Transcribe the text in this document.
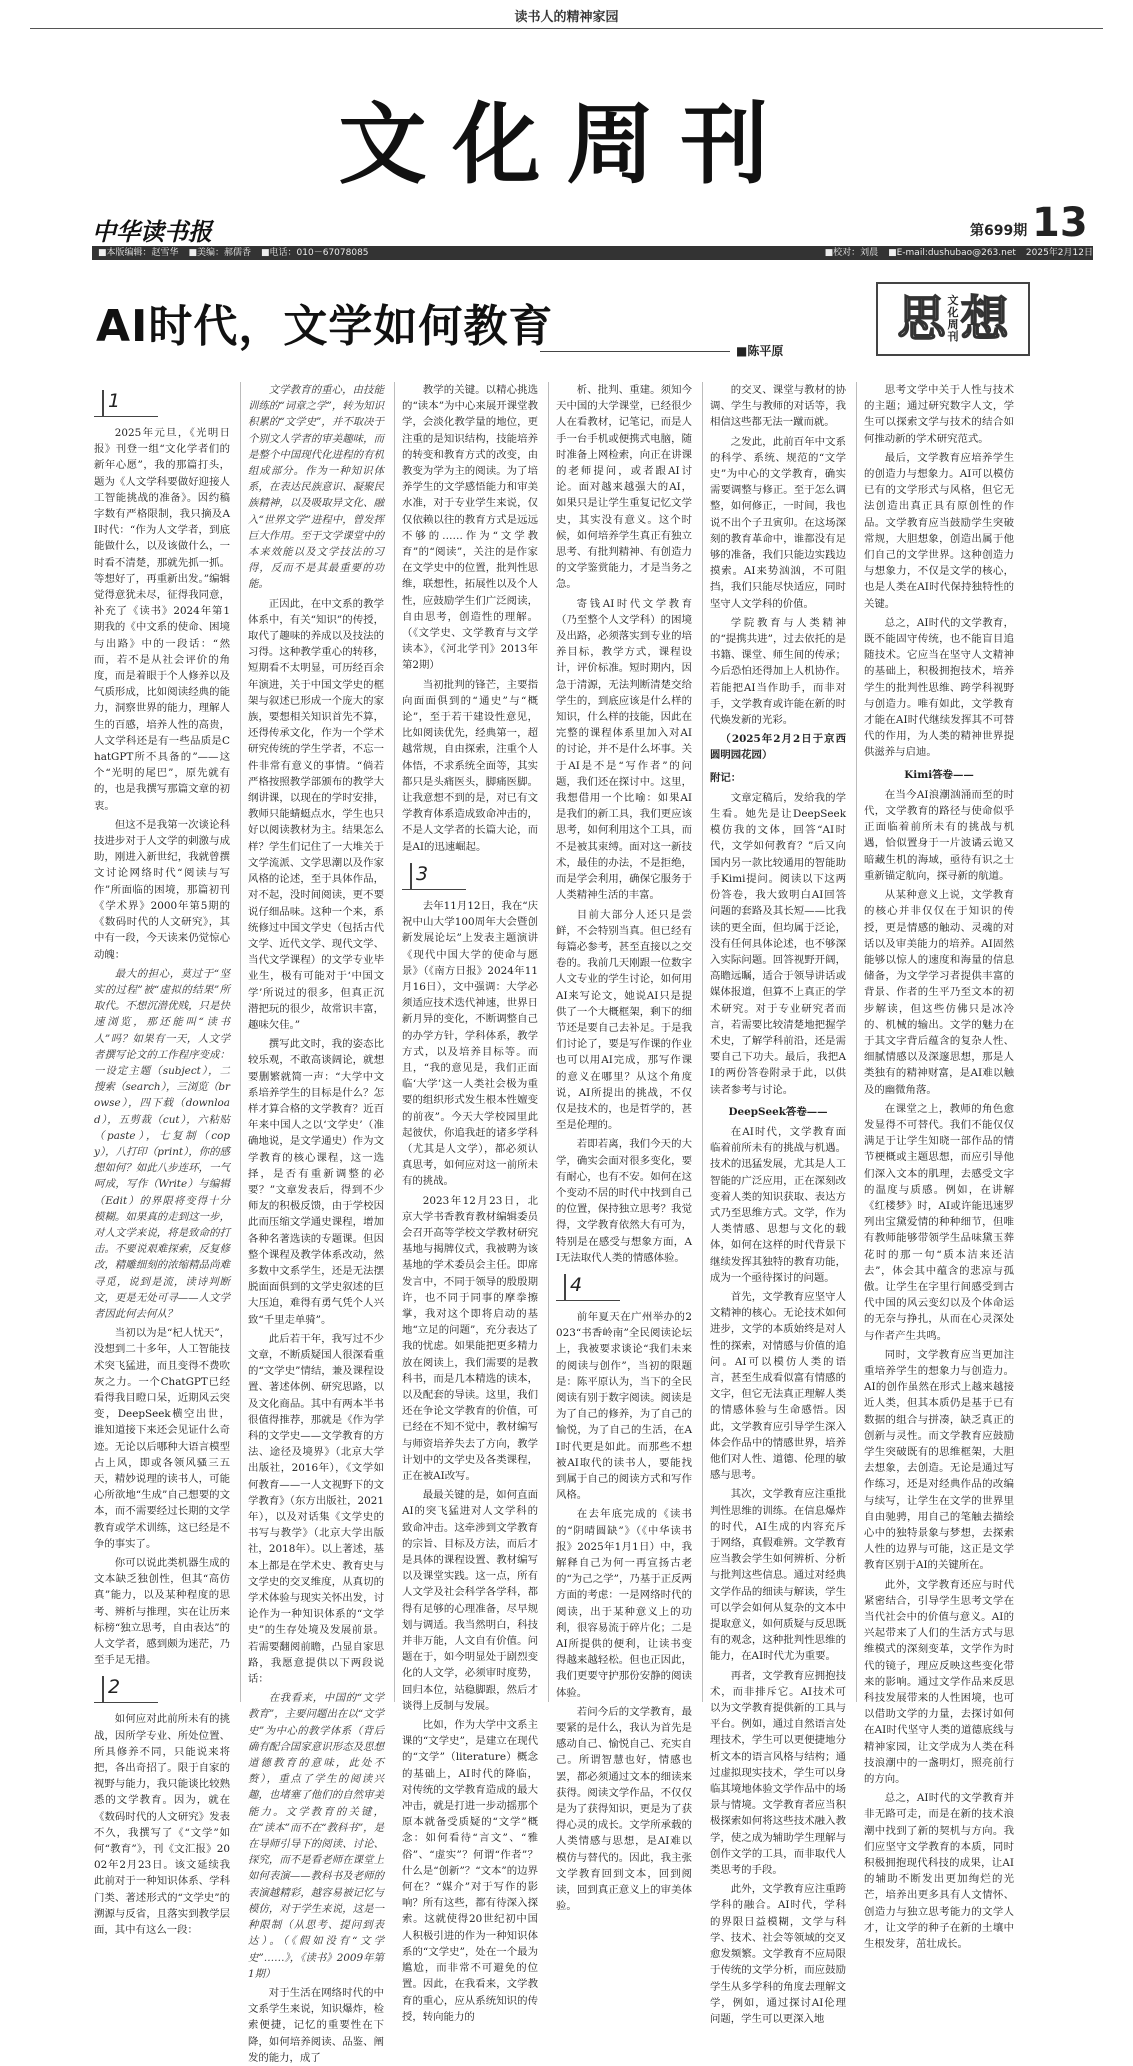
读书人的精神家园
文化周刊
中华读书报	第699期 13
■本版编辑：赵雪华 ■美编：郝儒香 ■电话：010－67078085	■校对：刘晨 ■E-mail:dushubao@263.net 2025年2月12日
AI时代，文学如何教育	■陈平原
思 文
化
周
刊 想
1

2025年元旦，《光明日报》刊登一组“文化学者们的新年心愿”，我的那篇打头，题为《人文学科要做好迎接人工智能挑战的准备》。因约稿字数有严格限制，我只摘及AI时代：“作为人文学者，到底能做什么，以及该做什么，一时看不清楚，那就先抓一抓。等想好了，再重新出发。”编辑觉得意犹未尽，征得我同意，补充了《读书》2024年第1期我的《中文系的使命、困境与出路》中的一段话：“然而，若不是从社会评价的角度，而是着眼于个人修养以及气质形成，比如阅读经典的能力，洞察世界的能力，理解人生的百感，培养人性的高贵，人文学科还是有一些品质是ChatGPT所不具备的”——这个“光明的尾巴”，原先就有的，也是我撰写那篇文章的初衷。

但这不是我第一次谈论科技进步对于人文学的刺激与成助，刚进入新世纪，我就曾撰文讨论网络时代“阅读与写作”所面临的困境，那篇初刊《学术界》2000年第5期的《数码时代的人文研究》，其中有一段，今天读来仍觉惊心动魄：

最大的担心，莫过于“坚实的过程”被“虚拟的结果”所取代。不想沉潜优贱，只是快速浏览，那还能叫“读书人”吗？如果有一天，人文学者撰写论文的工作程序变成：一设定主题（subject），二搜索（search），三浏览（browse），四下载（download），五剪裁（cut），六粘贴（paste），七复制（copy），八打印（print），你的感想如何？如此八步连环，一气呵成，写作（Write）与编辑（Edit）的界限将变得十分模糊。如果真的走到这一步，对人文学来说，将是致命的打击。不要说艰难探索，反复修改，精雕细刻的浓缩精品尚难寻觅，说到是流，读诗判断文，更是无处可寻——人文学者因此何去何从？

当初以为是“杞人忧天”，没想到二十多年，人工智能技术突飞猛进，而且变得不费吹灰之力。一个ChatGPT已经看得我目瞪口呆，近期风云突变，DeepSeek横空出世，谁知道接下来还会见证什么奇迹。无论以后哪种大语言模型占上风，即或各领风骚三五天，精妙说理的读书人，可能心所欲地“生成”自己想要的文本，而不需要经过长期的文学教育或学术训练，这已经是不争的事实了。

你可以说此类机器生成的文本缺乏独创性，但其“高仿真”能力，以及某种程度的思考、辨析与推理，实在让历来标榜“独立思考，自由表达”的人文学者，感到颇为迷茫，乃至手足无措。

2

如何应对此前所未有的挑战，因所学专业、所处位置、所具修养不同，只能说来将把，各出奇招了。限于自家的视野与能力，我只能谈比较熟悉的文学教育。因为，就在《数码时代的人文研究》发表不久，我撰写了《“文学”如何“教育”》，刊《文汇报》2002年2月23日。该文延续我此前对于一种知识体系、学科门类、著述形式的“文学史”的溯源与反省，且落实到教学层面，其中有这么一段：

文学教育的重心，由技能训练的“词章之学”，转为知识积累的“文学史”，并不取决于个别文人学者的审美趣味，而是整个中国现代化进程的有机组成部分。作为一种知识体系，在表达民族意识、凝聚民族精神，以及吸取异文化、融入“世界文学”进程中，曾发挥巨大作用。至于文学课堂中的本来效能以及文学技法的习得，反而不是其最重要的功能。

正因此，在中文系的教学体系中，有关“知识”的传授，取代了趣味的养成以及技法的习得。这种教学重心的转移，短期看不太明显，可历经百余年演进，关于中国文学史的框架与叙述已形成一个庞大的家族，要想相关知识首先不算，还得传承文化，作为一个学术研究传统的学生学者，不忘一件非常有意义的事情。“倘若严格按照教学部颁布的教学大纲讲课，以现在的学时安排，教师只能蜻蜓点水，学生也只好以阅读教材为主。结果怎么样？学生们记住了一大堆关于文学流派、文学思潮以及作家风格的论述，至于具体作品，对不起，没时间阅读，更不要说仔细品味。这种一个来，系统修过中国文学史（包括古代文学、近代文学、现代文学、当代文学课程）的文学专业毕业生，极有可能对于‘中国文学’所说过的很多，但真正沉潜把玩的很少，故常识丰富，趣味欠佳。”

撰写此文时，我的姿态比较乐观，不敢高谈阔论，就想要删繁就简一声：“大学中文系培养学生的目标是什么？怎样才算合格的文学教育？近百年来中国人之以‘文学史’（准确地说，是文学通史）作为文学教育的核心课程，这一选择，是否有重新调整的必要？”文章发表后，得到不少师友的积极反馈，由于学校因此而压缩文学通史课程，增加各种名著选读的专题课。但因整个课程及教学体系改动，然多数中文系学生，还是无法摆脱面面俱到的文学史叙述的巨大压迫，难得有勇气凭个人兴致“千里走单骑”。

此后若干年，我写过不少文章，不断质疑国人很深看重的“文学史”情结，兼及课程设置、著述体例、研究思路，以及文化商品。其中有两本半书很值得推荐，那就是《作为学科的文学史——文学教育的方法、途径及境界》（北京大学出版社，2016年），《文学如何教育——一人文视野下的文学教育》（东方出版社，2021年），以及对话集《文学史的书写与教学》（北京大学出版社，2018年）。以上著述，基本上都是在学术史、教育史与文学史的交叉维度，从真切的学术体验与现实关怀出发，讨论作为一种知识体系的“文学史”的生存处境及发展前景。若需要翻阅前瞻，凸显自家思路，我愿意提供以下两段说话：

在我看来，中国的“文学教育”，主要问题出在以“文学史”为中心的教学体系（背后确有配合国家意识形态及思想道德教育的意味，此处不赘），重点了学生的阅读兴趣，也堵塞了他们的自然审美能力。文学教育的关键，在“读本”而不在“教科书”，是在导师引导下的阅读、讨论、探究，而不是看老师在课堂上如何表演——教科书及老师的表演越精彩，越容易被记忆与模仿，对于学生来说，这是一种限制（从思考、提问到表达）。（《假如没有“文学史”……》，《读书》2009年第1期）

对于生活在网络时代的中文系学生来说，知识爆炸，检索便捷，记忆的重要性在下降，如何培养阅读、品鉴、阐发的能力，成了

教学的关键。以精心挑选的“读本”为中心来展开课堂教学，会淡化教学量的地位，更注重的是知识结构，技能培养的转变和教育方式的改变，由教变为学为主的阅读。为了培养学生的文学感悟能力和审美水准，对于专业学生来说，仅仅依赖以往的教育方式是远远不够的……作为“文学教育”的“阅读”，关注的是作家在文学史中的位置，批判性思维，联想性，拓展性以及个人性，应鼓励学生们广泛阅读，自由思考，创造性的理解。（《文学史、文学教育与文学读本》，《河北学刊》2013年第2期）

当初批判的锋芒，主要指向面面俱到的“通史”与“概论”，至于若干建设性意见，比如阅读优先，经典第一，超越常规，自由探索，注重个人体悟，不求系统全面等，其实都只是头痛医头，脚痛医脚。让我意想不到的是，对已有文学教育体系造成致命冲击的，不是人文学者的长篇大论，而是AI的迅速崛起。

3

去年11月12日，我在“庆祝中山大学100周年大会暨创新发展论坛”上发表主题演讲《现代中国大学的使命与愿景》（《南方日报》2024年11月16日），文中强调：大学必须适应技术迭代神速，世界日新月异的变化，不断调整自己的办学方针，学科体系，教学方式，以及培养目标等。而且，“我的意见是，我们正面临‘大学’这一人类社会极为重要的组织形式发生根本性嬗变的前夜”。今天大学校园里此起彼伏，你追我赶的诸多学科（尤其是人文学），都必须认真思考，如何应对这一前所未有的挑战。

2023年12月23日，北京大学书香教育教材编辑委员会召开高等学校文学教材研究基地与揭牌仪式，我被聘为该基地的学术委员会主任。即席发言中，不同于领导的殷殷期许，也不同于同事的摩拳擦掌，我对这个即将启动的基地“立足的问题”，充分表达了我的忧虑。如果能把更多精力放在阅读上，我们需要的是教科书，而是几本精选的读本，以及配套的导读。这里，我们还在争论文学教育的价值，可已经在不知不觉中，教材编写与师资培养失去了方向，教学计划中的文学史及各类课程，正在被AI改写。

最最关键的是，如何直面AI的突飞猛进对人文学科的致命冲击。这牵涉到文学教育的宗旨、目标及方法，而后才是具体的课程设置、教材编写以及课堂实践。这一点，所有人文学及社会科学各学科，都得有足够的心理准备，尽早规划与调适。我当然明白，科技并非万能，人文自有价值。问题在于，如今明显处于剧烈变化的人文学，必须审时度势，回归本位，站稳脚跟，然后才谈得上反制与发展。

比如，作为大学中文系主课的“文学史”，是建立在现代的“文学”（literature）概念的基础上，AI时代的降临，对传统的文学教育造成的最大冲击，就是打进一步动摇那个原本就备受质疑的“文学”概念：如何看待“言文”、“雅俗”、“虚实”？何谓“作者”？什么是“创新”？“文本”的边界何在？“媒介”对于写作的影响？所有这些，都有待深入探索。这就使得20世纪初中国人积极引进的作为一种知识体系的“文学史”，处在一个最为尴尬，而非常不可避免的位置。因此，在我看来，文学教育的重心，应从系统知识的传授，转向能力的

析、批判、重建。须知今天中国的大学课堂，已经很少人在看教材，记笔记，而是人手一台手机或便携式电脑，随时准备上网检索，向正在讲课的老师提问，或者跟AI讨论。面对越来越强大的AI，如果只是让学生重复记忆文学史，其实没有意义。这个时候，如何培养学生真正有独立思考、有批判精神、有创造力的文学鉴赏能力，才是当务之急。

寄钱AI时代文学教育（乃至整个人文学科）的困境及出路，必须落实到专业的培养目标，教学方式，课程设计，评价标准。短时期内，因急于清源，无法判断清楚交给学生的，到底应该是什么样的知识，什么样的技能，因此在完整的课程体系里加入对AI的讨论，并不是什么坏事。关于AI是不是“写作者”的问题，我们还在探讨中。这里，我想借用一个比喻：如果AI是我们的新工具，我们更应该思考，如何利用这个工具，而不是被其束缚。面对这一新技术，最佳的办法，不是拒绝，而是学会利用，确保它服务于人类精神生活的丰富。

目前大部分人还只是尝鲜，不会特别当真。但已经有每篇必参考，甚至直接以之交卷的。我前几天刚跟一位数字人文专业的学生讨论，如何用AI来写论文，她说AI只是提供了一个大概框架，剩下的细节还是要自己去补足。于是我们讨论了，要是写作课的作业也可以用AI完成，那写作课的意义在哪里？从这个角度说，AI所提出的挑战，不仅仅是技术的，也是哲学的，甚至是伦理的。

若即若离，我们今天的大学，确实会面对很多变化，要有耐心，也有不安。如何在这个变动不居的时代中找到自己的位置，保持独立思考？我觉得，文学教育依然大有可为，特别是在感受与想象方面，AI无法取代人类的情感体验。

4

前年夏天在广州举办的2023“书香岭南”全民阅读论坛上，我被要求谈论“我们未来的阅读与创作”，当初的限题是：陈平原认为，当下的全民阅读有别于数字阅读。阅读是为了自己的修养，为了自己的愉悦，为了自己的生活，在AI时代更是如此。而那些不想被AI取代的读书人，要能找到属于自己的阅读方式和写作风格。

在去年底完成的《读书的“阴晴圆缺”》（《中华读书报》2025年1月1日）中，我解释自己为何一再宣扬古老的“为己之学”，乃基于正反两方面的考虑：一是网络时代的阅读，出于某种意义上的功利，很容易流于碎片化；二是AI所提供的便利，让读书变得越来越轻松。但也正因此，我们更要守护那份安静的阅读体验。

若问今后的文学教育，最要紧的是什么，我认为首先是感动自己、愉悦自己、充实自己。所谓智慧也好，情感也罢，都必须通过文本的细读来获得。阅读文学作品，不仅仅是为了获得知识，更是为了获得心灵的成长。文学所承载的人类情感与思想，是AI难以模仿与替代的。因此，我主张文学教育回到文本，回到阅读，回到真正意义上的审美体验。

的交叉、课堂与教材的协调、学生与教师的对话等，我相信这些都无法一蹴而就。

之发此，此前百年中文系的科学、系统、规范的“文学史”为中心的文学教育，确实需要调整与修正。至于怎么调整，如何修正，一时间，我也说不出个子丑寅卯。在这场深刻的教育革命中，谁都没有足够的准备，我们只能边实践边摸索。AI来势汹汹，不可阻挡，我们只能尽快适应，同时坚守人文学科的价值。

学院教育与人类精神的“提携共进”，过去依托的是书籍、课堂、师生间的传承；今后恐怕还得加上人机协作。若能把AI当作助手，而非对手，文学教育或许能在新的时代焕发新的光彩。

（2025年2月2日于京西圆明园花园）

附记：

文章定稿后，发给我的学生看。她先是让DeepSeek模仿我的文体，回答“AI时代，文学如何教育？”后又向国内另一款比较通用的智能助手Kimi提问。阅读以下这两份答卷，我大致明白AI回答问题的套路及其长短——比我读的更全面，但均属于泛论，没有任何具体论述，也不够深入实际问题。回答视野开阔，高瞻远瞩，适合于领导讲话或媒体报道，但算不上真正的学术研究。对于专业研究者而言，若需要比较清楚地把握学术史，了解学科前沿，还是需要自己下功夫。最后，我把AI的两份答卷附录于此，以供读者参考与讨论。

DeepSeek答卷——

在AI时代，文学教育面临着前所未有的挑战与机遇。技术的迅猛发展，尤其是人工智能的广泛应用，正在深刻改变着人类的知识获取、表达方式乃至思维方式。文学，作为人类情感、思想与文化的载体，如何在这样的时代背景下继续发挥其独特的教育功能，成为一个亟待探讨的问题。

首先，文学教育应坚守人文精神的核心。无论技术如何进步，文学的本质始终是对人性的探索，对情感与价值的追问。AI可以模仿人类的语言，甚至生成看似富有情感的文字，但它无法真正理解人类的情感体验与生命感悟。因此，文学教育应引导学生深入体会作品中的情感世界，培养他们对人性、道德、伦理的敏感与思考。

其次，文学教育应注重批判性思维的训练。在信息爆炸的时代，AI生成的内容充斥于网络，真假难辨。文学教育应当教会学生如何辨析、分析与批判这些信息。通过对经典文学作品的细读与解读，学生可以学会如何从复杂的文本中提取意义，如何质疑与反思既有的观念，这种批判性思维的能力，在AI时代尤为重要。

再者，文学教育应拥抱技术，而非排斥它。AI技术可以为文学教育提供新的工具与平台。例如，通过自然语言处理技术，学生可以更便捷地分析文本的语言风格与结构；通过虚拟现实技术，学生可以身临其境地体验文学作品中的场景与情境。文学教育者应当积极探索如何将这些技术融入教学，使之成为辅助学生理解与创作文学的工具，而非取代人类思考的手段。

此外，文学教育应注重跨学科的融合。AI时代，学科的界限日益模糊，文学与科学、技术、社会等领域的交叉愈发频繁。文学教育不应局限于传统的文学分析，而应鼓励学生从多学科的角度去理解文学，例如，通过探讨AI伦理问题，学生可以更深入地

思考文学中关于人性与技术的主题；通过研究数字人文，学生可以探索文学与技术的结合如何推动新的学术研究范式。

最后，文学教育应培养学生的创造力与想象力。AI可以模仿已有的文学形式与风格，但它无法创造出真正具有原创性的作品。文学教育应当鼓励学生突破常规，大胆想象，创造出属于他们自己的文学世界。这种创造力与想象力，不仅是文学的核心，也是人类在AI时代保持独特性的关键。

总之，AI时代的文学教育，既不能固守传统，也不能盲目追随技术。它应当在坚守人文精神的基础上，积极拥抱技术，培养学生的批判性思维、跨学科视野与创造力。唯有如此，文学教育才能在AI时代继续发挥其不可替代的作用，为人类的精神世界提供滋养与启迪。

Kimi答卷——

在当今AI浪潮汹涌而至的时代，文学教育的路径与使命似乎正面临着前所未有的挑战与机遇，恰似置身于一片波谲云诡又暗藏生机的海域，亟待有识之士重新锚定航向，探寻新的航道。

从某种意义上说，文学教育的核心并非仅仅在于知识的传授，更是情感的触动、灵魂的对话以及审美能力的培养。AI固然能够以惊人的速度和海量的信息储备，为文学学习者提供丰富的背景、作者的生平乃至文本的初步解读，但这些仿佛只是冰冷的、机械的输出。文学的魅力在于其文字背后蕴含的复杂人性、细腻情感以及深邃思想，那是人类独有的精神财富，是AI难以触及的幽微角落。

在课堂之上，教师的角色愈发显得不可替代。我们不能仅仅满足于让学生知晓一部作品的情节梗概或主题思想，而应引导他们深入文本的肌理，去感受文字的温度与质感。例如，在讲解《红楼梦》时，AI或许能迅速罗列出宝黛爱情的种种细节，但唯有教师能够带领学生品味黛玉葬花时的那一句“质本洁来还洁去”，体会其中蕴含的悲凉与孤傲。让学生在字里行间感受到古代中国的风云变幻以及个体命运的无奈与挣扎，从而在心灵深处与作者产生共鸣。

同时，文学教育应当更加注重培养学生的想象力与创造力。AI的创作虽然在形式上越来越接近人类，但其本质仍是基于已有数据的组合与拼凑，缺乏真正的创新与灵性。而文学教育应鼓励学生突破既有的思维框架，大胆去想象，去创造。无论是通过写作练习，还是对经典作品的改编与续写，让学生在文学的世界里自由驰骋，用自己的笔触去描绘心中的独特景象与梦想，去探索人性的边界与可能，这正是文学教育区别于AI的关键所在。

此外，文学教育还应与时代紧密结合，引导学生思考文学在当代社会中的价值与意义。AI的兴起带来了人们的生活方式与思维模式的深刻变革，文学作为时代的镜子，理应反映这些变化带来的影响。通过文学作品来反思科技发展带来的人性困境，也可以借助文学的力量，去探讨如何在AI时代坚守人类的道德底线与精神家园，让文学成为人类在科技浪潮中的一盏明灯，照亮前行的方向。

总之，AI时代的文学教育并非无路可走，而是在新的技术浪潮中找到了新的契机与方向。我们应坚守文学教育的本质，同时积极拥抱现代科技的成果，让AI的辅助不断发出更加绚烂的光芒，培养出更多具有人文情怀、创造力与独立思考能力的文学人才，让文学的种子在新的土壤中生根发芽，茁壮成长。
